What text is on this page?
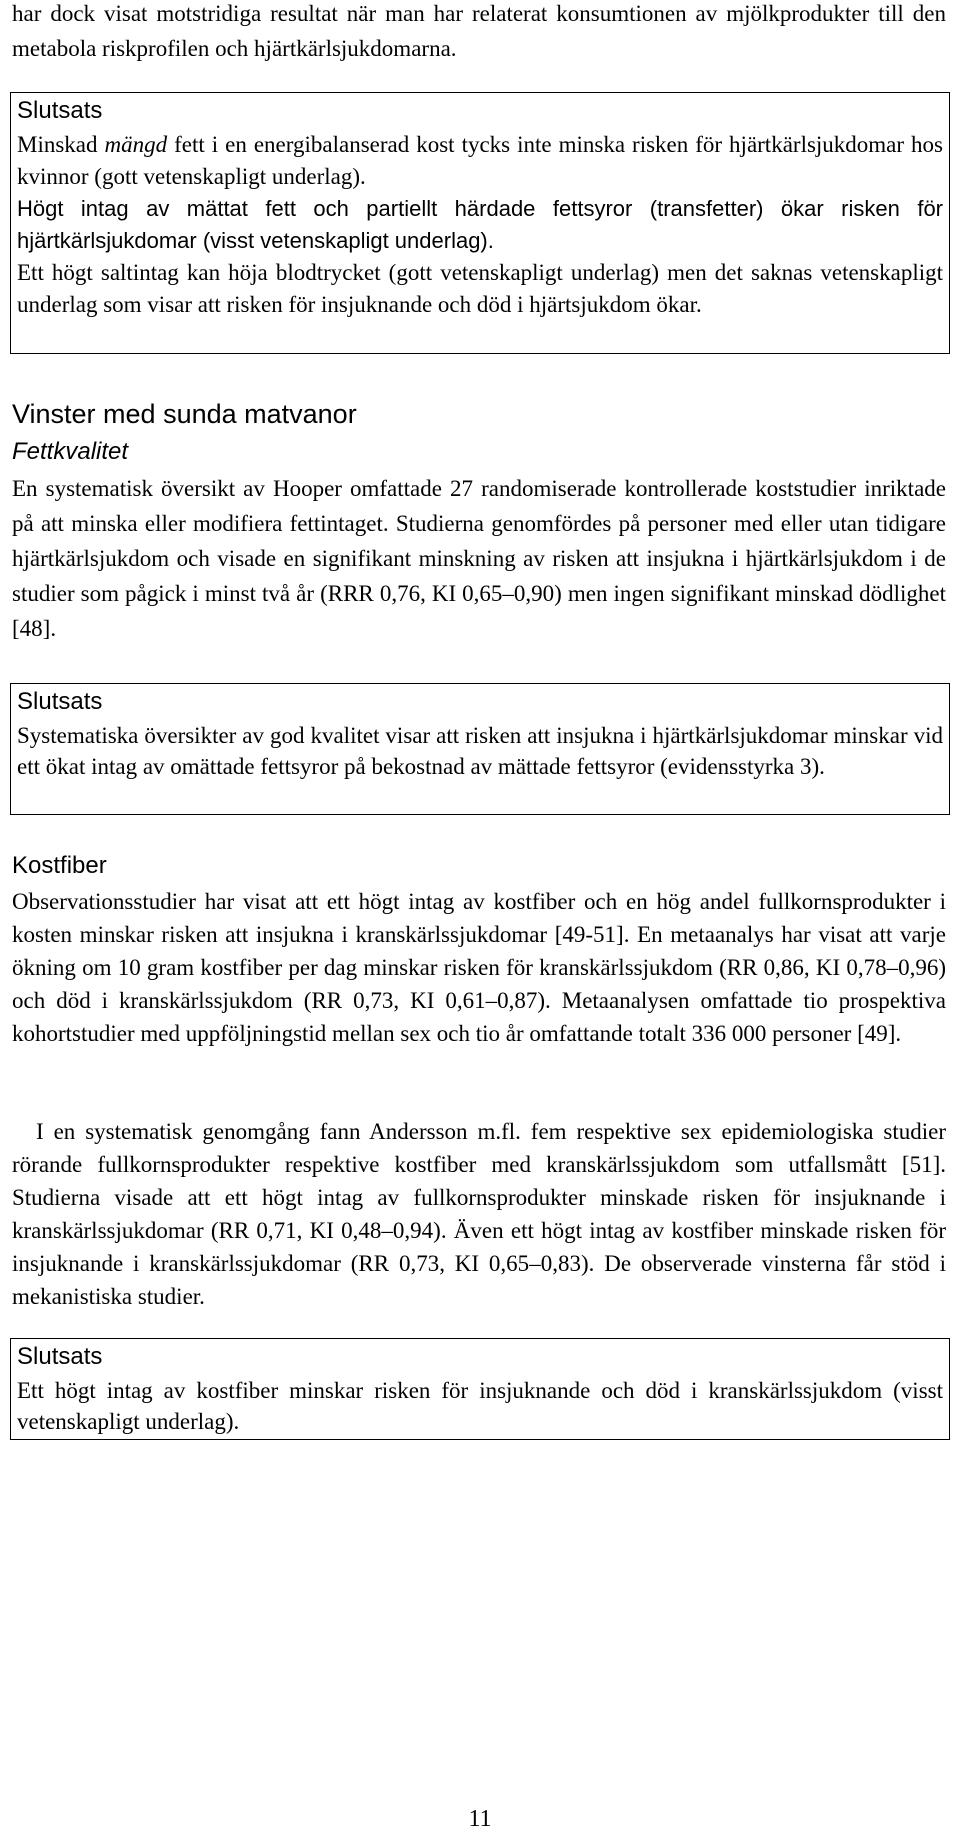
har dock visat motstridiga resultat när man har relaterat konsumtionen av mjölkprodukter till den metabola riskprofilen och hjärtkärlsjukdomarna.

Slutsats

Minskad mängd fett i en energibalanserad kost tycks inte minska risken för hjärtkärlsjukdomar hos kvinnor (gott vetenskapligt underlag).

Högt intag av mättat fett och partiellt härdade fettsyror (transfetter) ökar risken för hjärtkärlsjukdomar (visst vetenskapligt underlag).

Ett högt saltintag kan höja blodtrycket (gott vetenskapligt underlag) men det saknas vetenskapligt underlag som visar att risken för insjuknande och död i hjärtsjukdom ökar.

Vinster med sunda matvanor

Fettkvalitet

En systematisk översikt av Hooper omfattade 27 randomiserade kontrollerade koststudier inriktade på att minska eller modifiera fettintaget. Studierna genomfördes på personer med eller utan tidigare hjärtkärlsjukdom och visade en signifikant minskning av risken att insjukna i hjärtkärlsjukdom i de studier som pågick i minst två år (RRR 0,76, KI 0,65–0,90) men ingen signifikant minskad dödlighet [48].

Slutsats

Systematiska översikter av god kvalitet visar att risken att insjukna i hjärtkärlsjukdomar minskar vid ett ökat intag av omättade fettsyror på bekostnad av mättade fettsyror (evidensstyrka 3).

Kostfiber

Observationsstudier har visat att ett högt intag av kostfiber och en hög andel fullkornsprodukter i kosten minskar risken att insjukna i kranskärlssjukdomar [49-51]. En metaanalys har visat att varje ökning om 10 gram kostfiber per dag minskar risken för kranskärlssjukdom (RR 0,86, KI 0,78–0,96) och död i kranskärlssjukdom (RR 0,73, KI 0,61–0,87). Metaanalysen omfattade tio prospektiva kohortstudier med uppföljningstid mellan sex och tio år omfattande totalt 336 000 personer [49].

I en systematisk genomgång fann Andersson m.fl. fem respektive sex epidemiologiska studier rörande fullkornsprodukter respektive kostfiber med kranskärlssjukdom som utfallsmått [51]. Studierna visade att ett högt intag av fullkornsprodukter minskade risken för insjuknande i kranskärlssjukdomar (RR 0,71, KI 0,48–0,94). Även ett högt intag av kostfiber minskade risken för insjuknande i kranskärlssjukdomar (RR 0,73, KI 0,65–0,83). De observerade vinsterna får stöd i mekanistiska studier.

Slutsats

Ett högt intag av kostfiber minskar risken för insjuknande och död i kranskärlssjukdom (visst vetenskapligt underlag).

11
